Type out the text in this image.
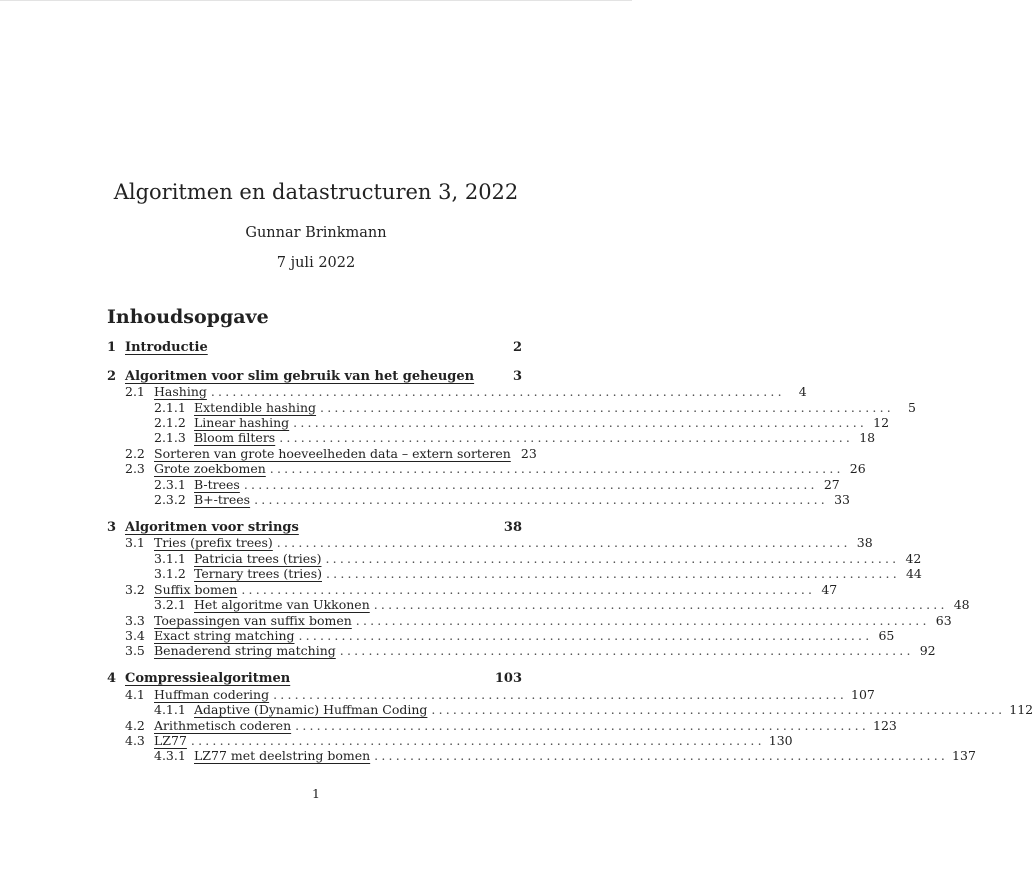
Algoritmen en datastructuren 3, 2022
Gunnar Brinkmann
7 juli 2022
Inhoudsopgave
1 Introductie	2
2 Algoritmen voor slim gebruik van het geheugen	3
2.1 Hashing ................................................................................	4
2.1.1 Extendible hashing ................................................................................	5
2.1.2 Linear hashing ................................................................................ 12
2.1.3 Bloom filters ................................................................................ 18
2.2 Sorteren van grote hoeveelheden data – extern sorteren 23
2.3 Grote zoekbomen ................................................................................ 26
2.3.1 B-trees ................................................................................ 27
2.3.2 B+-trees ................................................................................ 33
3 Algoritmen voor strings	38
3.1 Tries (prefix trees) ................................................................................ 38
3.1.1 Patricia trees (tries) ................................................................................ 42
3.1.2 Ternary trees (tries) ................................................................................ 44
3.2 Suffix bomen ................................................................................ 47
3.2.1 Het algoritme van Ukkonen ................................................................................ 48
3.3 Toepassingen van suffix bomen ................................................................................ 63
3.4 Exact string matching ................................................................................ 65
3.5 Benaderend string matching ................................................................................ 92
4 Compressiealgoritmen	103
4.1 Huffman codering ................................................................................ 107
4.1.1 Adaptive (Dynamic) Huffman Coding ................................................................................ 112
4.2 Arithmetisch coderen ................................................................................ 123
4.3 LZ77 ................................................................................ 130
4.3.1 LZ77 met deelstring bomen ................................................................................ 137
1
